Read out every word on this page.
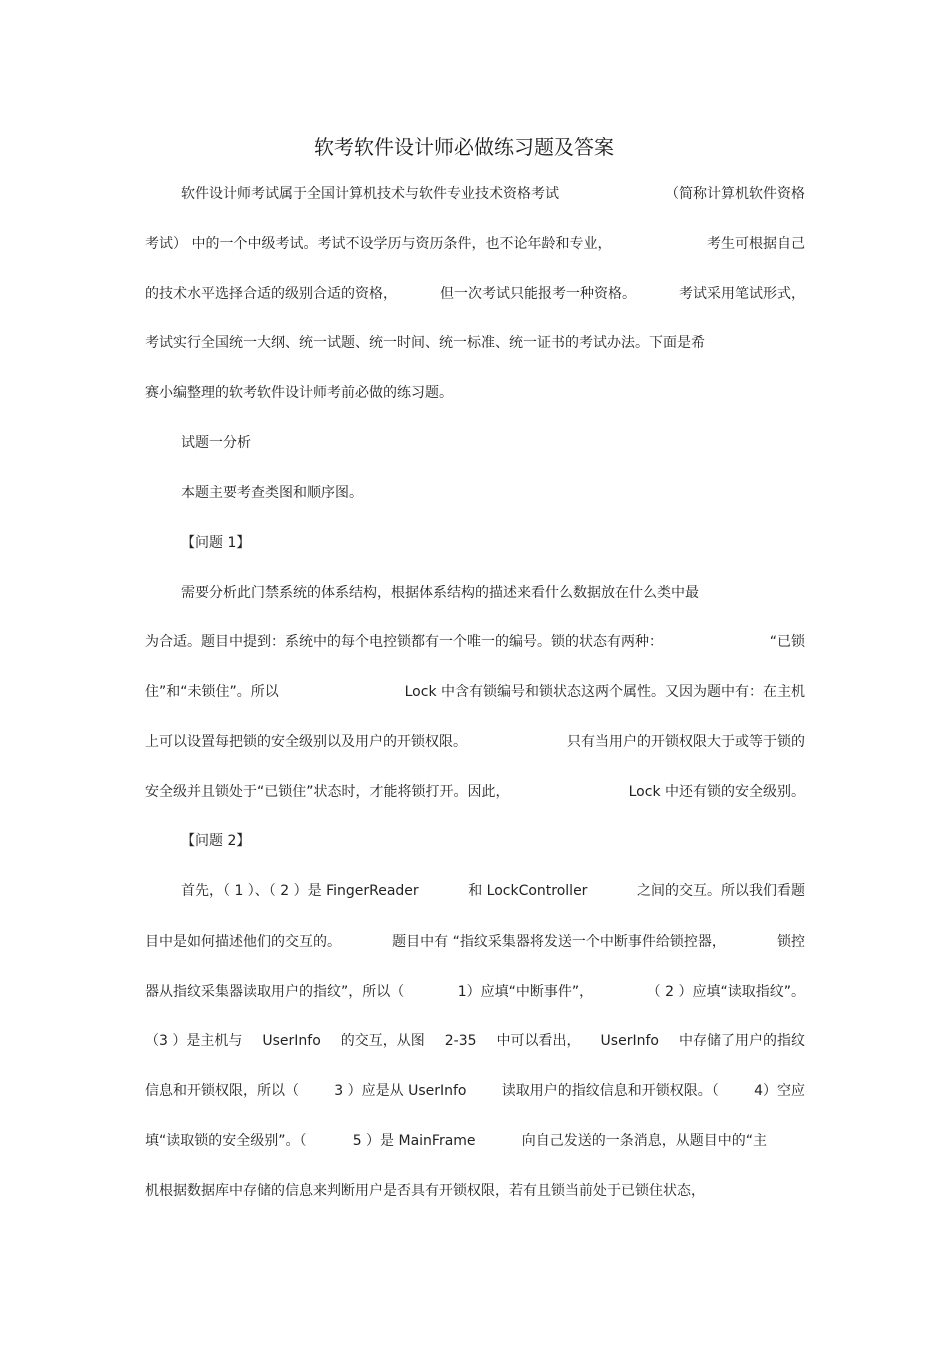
软考软件设计师必做练习题及答案
软件设计师考试属于全国计算机技术与软件专业技术资格考试	（简称计算机软件资格
考试） 中的一个中级考试。考试不设学历与资历条件，也不论年龄和专业，	考生可根据自己
的技术水平选择合适的级别合适的资格，	但一次考试只能报考一种资格。	考试采用笔试形式，
考试实行全国统一大纲、统一试题、统一时间、统一标准、统一证书的考试办法。下面是希
赛小编整理的软考软件设计师考前必做的练习题。
试题一分析
本题主要考查类图和顺序图。
【问题 1】
需要分析此门禁系统的体系结构，根据体系结构的描述来看什么数据放在什么类中最
为合适。题目中提到：系统中的每个电控锁都有一个唯一的编号。锁的状态有两种：	“已锁
住”和“未锁住”。所以	Lock 中含有锁编号和锁状态这两个属性。又因为题中有：在主机
上可以设置每把锁的安全级别以及用户的开锁权限。	只有当用户的开锁权限大于或等于锁的
安全级并且锁处于“已锁住”状态时，才能将锁打开。因此，	Lock 中还有锁的安全级别。
【问题 2】
首先，（ 1 ）、（ 2 ）是 FingerReader	和 LockController	之间的交互。所以我们看题
目中是如何描述他们的交互的。	题目中有 “指纹采集器将发送一个中断事件给锁控器，	锁控
器从指纹采集器读取用户的指纹”，所以（	1）应填“中断事件”，	（ 2 ）应填“读取指纹”。
（3 ）是主机与 UserInfo 的交互，从图 2-35 中可以看出， UserInfo 中存储了用户的指纹
信息和开锁权限，所以（	3 ）应是从 UserInfo	读取用户的指纹信息和开锁权限。（	4）空应
填“读取锁的安全级别”。（	5 ）是 MainFrame	向自己发送的一条消息，从题目中的“主
机根据数据库中存储的信息来判断用户是否具有开锁权限，若有且锁当前处于已锁住状态，
